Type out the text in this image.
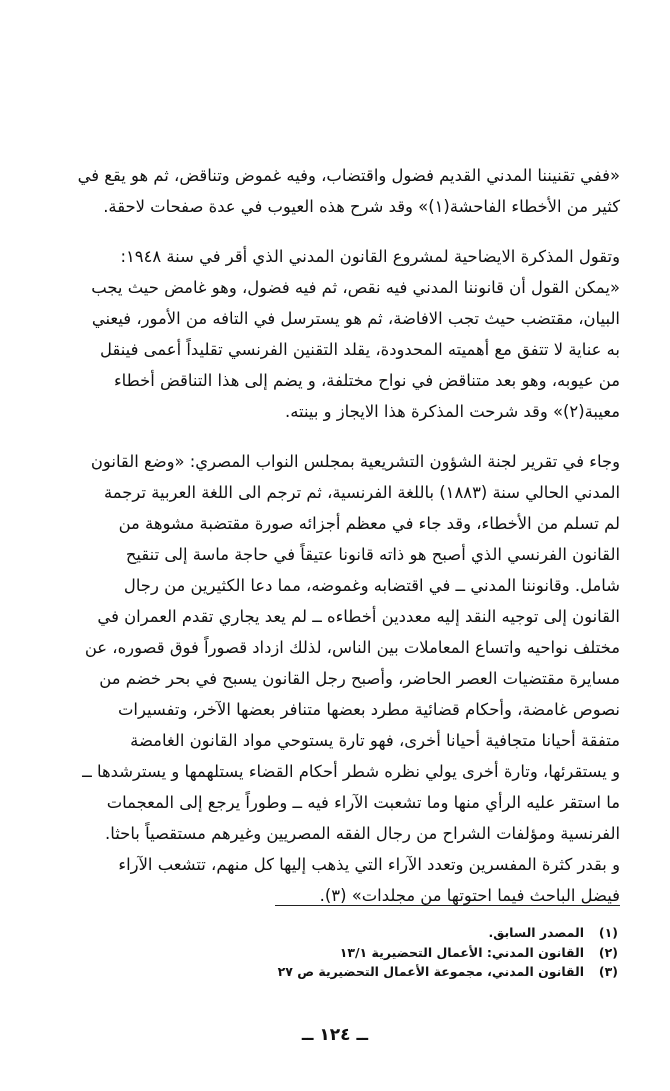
«ففي تقنيننا المدني القديم فضول واقتضاب، وفيه غموض وتناقض، ثم هو يقع في
كثير من الأخطاء الفاحشة(١)» وقد شرح هذه العيوب في عدة صفحات لاحقة.

وتقول المذكرة الايضاحية لمشروع القانون المدني الذي أقر في سنة ١٩٤٨:
«يمكن القول أن قانوننا المدني فيه نقص، ثم فيه فضول، وهو غامض حيث يجب
البيان، مقتضب حيث تجب الافاضة، ثم هو يسترسل في التافه من الأمور، فيعني
به عناية لا تتفق مع أهميته المحدودة، يقلد التقنين الفرنسي تقليداً أعمى فينقل
من عيوبه، وهو بعد متناقض في نواح مختلفة، و يضم إلى هذا التناقض أخطاء
معيبة(٢)» وقد شرحت المذكرة هذا الايجاز و بينته.

وجاء في تقرير لجنة الشؤون التشريعية بمجلس النواب المصري: «وضع القانون
المدني الحالي سنة (١٨٨٣) باللغة الفرنسية، ثم ترجم الى اللغة العربية ترجمة
لم تسلم من الأخطاء، وقد جاء في معظم أجزائه صورة مقتضبة مشوهة من
القانون الفرنسي الذي أصبح هو ذاته قانونا عتيقاً في حاجة ماسة إلى تنقيح
شامل. وقانوننا المدني ــ في اقتضابه وغموضه، مما دعا الكثيرين من رجال
القانون إلى توجيه النقد إليه معددين أخطاءه ــ لم يعد يجاري تقدم العمران في
مختلف نواحيه واتساع المعاملات بين الناس، لذلك ازداد قصوراً فوق قصوره، عن
مسايرة مقتضيات العصر الحاضر، وأصبح رجل القانون يسبح في بحر خضم من
نصوص غامضة، وأحكام قضائية مطرد بعضها متنافر بعضها الآخر، وتفسيرات
متفقة أحيانا متجافية أحيانا أخرى، فهو تارة يستوحي مواد القانون الغامضة
و يستقرئها، وتارة أخرى يولي نظره شطر أحكام القضاء يستلهمها و يسترشدها ــ
ما استقر عليه الرأي منها وما تشعبت الآراء فيه ــ وطوراً يرجع إلى المعجمات
الفرنسية ومؤلفات الشراح من رجال الفقه المصريين وغيرهم مستقصياً باحثا.
و بقدر كثرة المفسرين وتعدد الآراء التي يذهب إليها كل منهم، تتشعب الآراء
فيضل الباحث فيما احتوتها من مجلدات» (٣).

(١)
المصدر السابق.
(٢)
القانون المدني: الأعمال التحضيرية ١٣/١
(٣)
القانون المدني، مجموعة الأعمال التحضيرية ص ٢٧
ــ ١٢٤ ــ
